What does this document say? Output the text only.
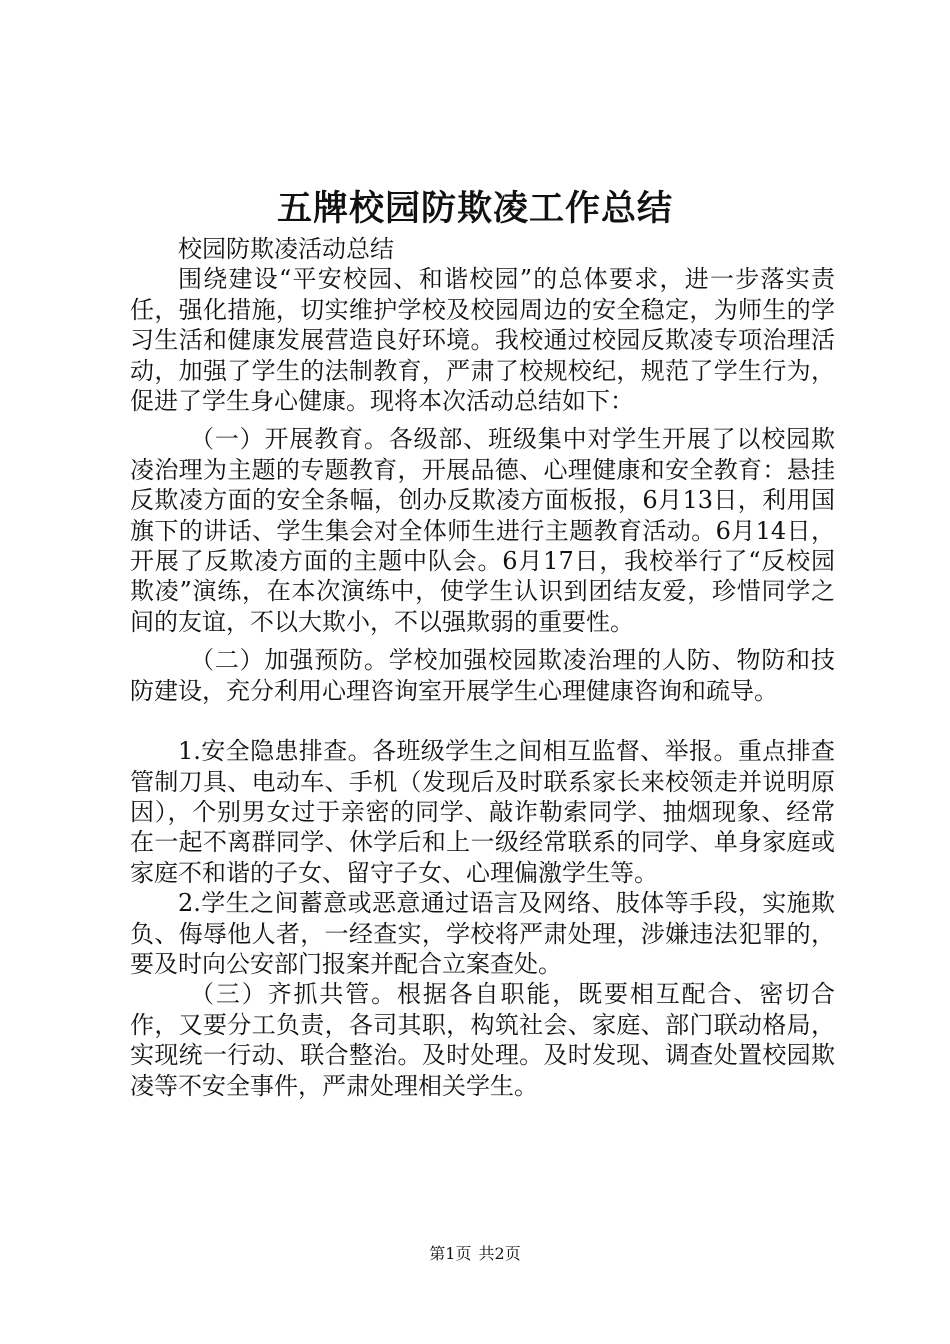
五牌校园防欺凌工作总结

校园防欺凌活动总结

围绕建设“平安校园、和谐校园”的总体要求，进一步落实责任，强化措施，切实维护学校及校园周边的安全稳定，为师生的学习生活和健康发展营造良好环境。我校通过校园反欺凌专项治理活动，加强了学生的法制教育，严肃了校规校纪，规范了学生行为，促进了学生身心健康。现将本次活动总结如下：

（一）开展教育。各级部、班级集中对学生开展了以校园欺凌治理为主题的专题教育，开展品德、心理健康和安全教育：悬挂反欺凌方面的安全条幅，创办反欺凌方面板报，6月13日，利用国旗下的讲话、学生集会对全体师生进行主题教育活动。6月14日，开展了反欺凌方面的主题中队会。6月17日，我校举行了“反校园欺凌”演练，在本次演练中，使学生认识到团结友爱，珍惜同学之间的友谊，不以大欺小，不以强欺弱的重要性。

（二）加强预防。学校加强校园欺凌治理的人防、物防和技防建设，充分利用心理咨询室开展学生心理健康咨询和疏导。

1.安全隐患排查。各班级学生之间相互监督、举报。重点排查管制刀具、电动车、手机（发现后及时联系家长来校领走并说明原因），个别男女过于亲密的同学、敲诈勒索同学、抽烟现象、经常在一起不离群同学、休学后和上一级经常联系的同学、单身家庭或家庭不和谐的子女、留守子女、心理偏激学生等。

2.学生之间蓄意或恶意通过语言及网络、肢体等手段，实施欺负、侮辱他人者，一经查实，学校将严肃处理，涉嫌违法犯罪的，要及时向公安部门报案并配合立案查处。

（三）齐抓共管。根据各自职能，既要相互配合、密切合作，又要分工负责，各司其职，构筑社会、家庭、部门联动格局，实现统一行动、联合整治。及时处理。及时发现、调查处置校园欺凌等不安全事件，严肃处理相关学生。

第1页 共2页
